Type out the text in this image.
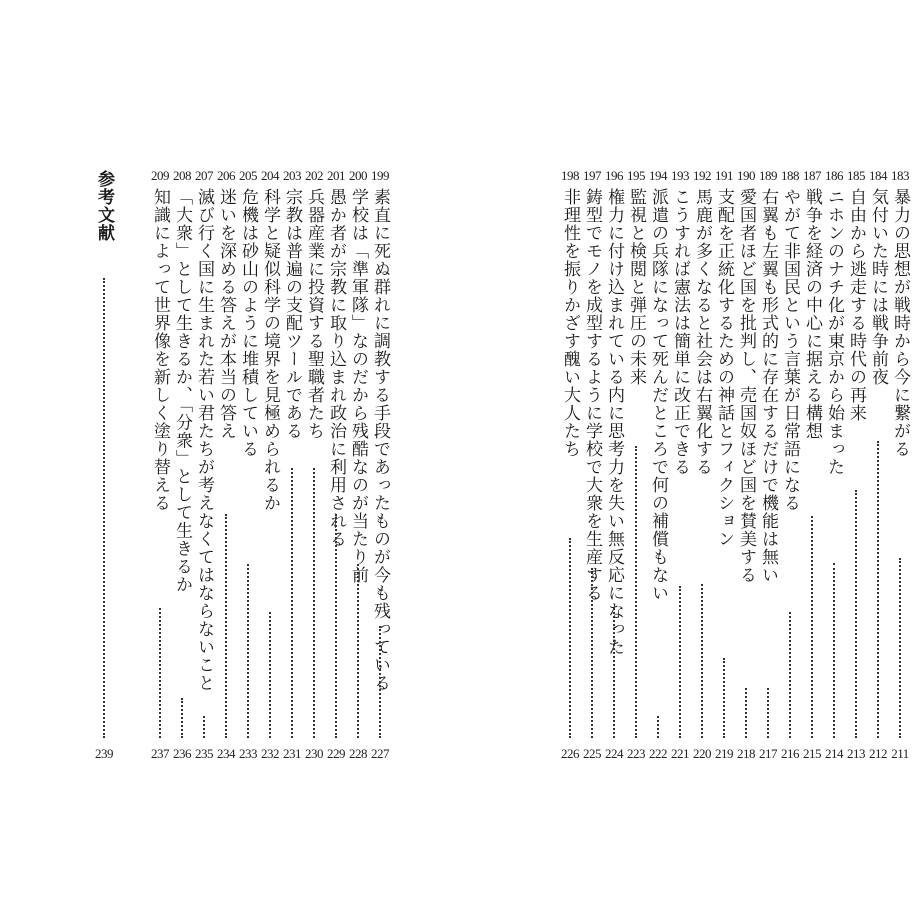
183
暴力の思想が戦時から今に繋がる
211
184
気付いた時には戦争前夜
212
185
自由から逃走する時代の再来
213
186
ニホンのナチ化が東京から始まった
214
187
戦争を経済の中心に据える構想
215
188
やがて非国民という言葉が日常語になる
216
189
右翼も左翼も形式的に存在するだけで機能は無い
217
190
愛国者ほど国を批判し、売国奴ほど国を賛美する
218
191
支配を正統化するための神話とフィクション
219
192
馬鹿が多くなると社会は右翼化する
220
193
こうすれば憲法は簡単に改正できる
221
194
派遣の兵隊になって死んだところで何の補償もない
222
195
監視と検閲と弾圧の未来
223
196
権力に付け込まれている内に思考力を失い無反応になった
224
197
鋳型でモノを成型するように学校で大衆を生産する
225
198
非理性を振りかざす醜い大人たち
226
199
素直に死ぬ群れに調教する手段であったものが今も残っている
227
200
学校は「準軍隊」なのだから残酷なのが当たり前
228
201
愚か者が宗教に取り込まれ政治に利用される
229
202
兵器産業に投資する聖職者たち
230
203
宗教は普遍の支配ツールである
231
204
科学と疑似科学の境界を見極められるか
232
205
危機は砂山のように堆積している
233
206
迷いを深める答えが本当の答え
234
207
滅び行く国に生まれた若い君たちが考えなくてはならないこと
235
208
「大衆」として生きるか、「分衆」として生きるか
236
209
知識によって世界像を新しく塗り替える
237
参考文献
239
